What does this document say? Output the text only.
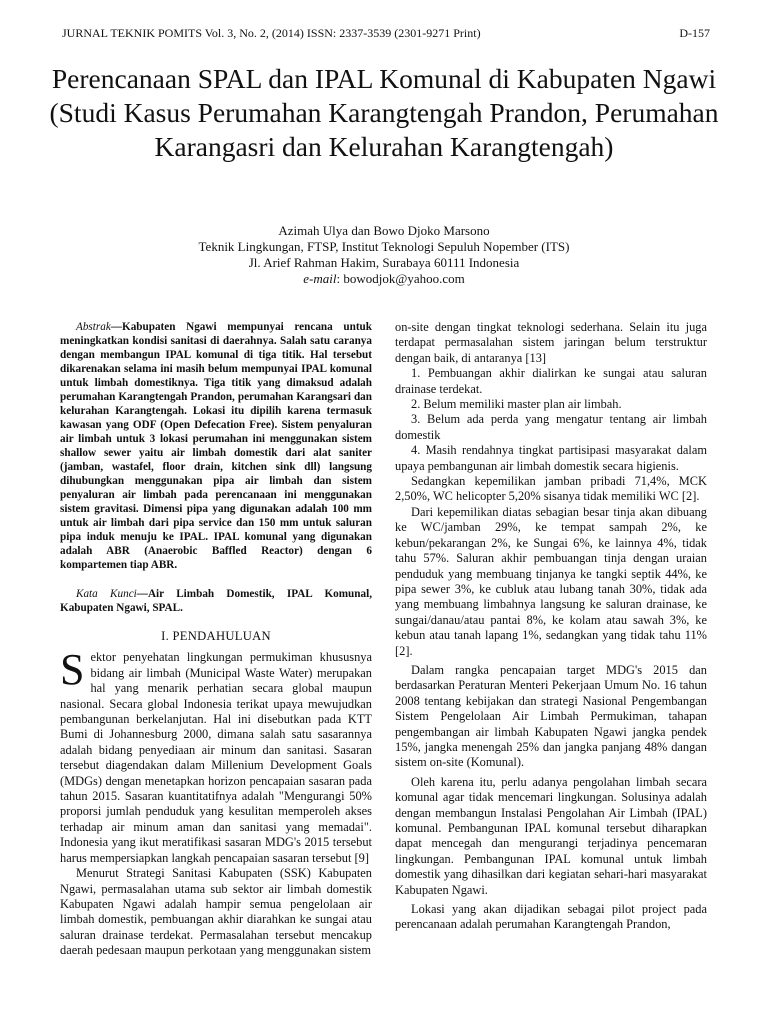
JURNAL TEKNIK POMITS Vol. 3, No. 2, (2014) ISSN: 2337-3539 (2301-9271 Print)	D-157
Perencanaan SPAL dan IPAL Komunal di Kabupaten Ngawi (Studi Kasus Perumahan Karangtengah Prandon, Perumahan Karangasri dan Kelurahan Karangtengah)
Azimah Ulya dan Bowo Djoko Marsono
Teknik Lingkungan, FTSP, Institut Teknologi Sepuluh Nopember (ITS)
Jl. Arief Rahman Hakim, Surabaya 60111 Indonesia
e-mail: bowodjok@yahoo.com

Abstrak—Kabupaten Ngawi mempunyai rencana untuk meningkatkan kondisi sanitasi di daerahnya. Salah satu caranya dengan membangun IPAL komunal di tiga titik. Hal tersebut dikarenakan selama ini masih belum mempunyai IPAL komunal untuk limbah domestiknya. Tiga titik yang dimaksud adalah perumahan Karangtengah Prandon, perumahan Karangsari dan kelurahan Karangtengah. Lokasi itu dipilih karena termasuk kawasan yang ODF (Open Defecation Free). Sistem penyaluran air limbah untuk 3 lokasi perumahan ini menggunakan sistem shallow sewer yaitu air limbah domestik dari alat saniter (jamban, wastafel, floor drain, kitchen sink dll) langsung dihubungkan menggunakan pipa air limbah dan sistem penyaluran air limbah pada perencanaan ini menggunakan sistem gravitasi. Dimensi pipa yang digunakan adalah 100 mm untuk air limbah dari pipa service dan 150 mm untuk saluran pipa induk menuju ke IPAL. IPAL komunal yang digunakan adalah ABR (Anaerobic Baffled Reactor) dengan 6 kompartemen tiap ABR.

Kata Kunci—Air Limbah Domestik, IPAL Komunal, Kabupaten Ngawi, SPAL.

I. PENDAHULUAN

Sektor penyehatan lingkungan permukiman khususnya bidang air limbah (Municipal Waste Water) merupakan hal yang menarik perhatian secara global maupun nasional. Secara global Indonesia terikat upaya mewujudkan pembangunan berkelanjutan. Hal ini disebutkan pada KTT Bumi di Johannesburg 2000, dimana salah satu sasarannya adalah bidang penyediaan air minum dan sanitasi. Sasaran tersebut diagendakan dalam Millenium Development Goals (MDGs) dengan menetapkan horizon pencapaian sasaran pada tahun 2015. Sasaran kuantitatifnya adalah "Mengurangi 50% proporsi jumlah penduduk yang kesulitan memperoleh akses terhadap air minum aman dan sanitasi yang memadai". Indonesia yang ikut meratifikasi sasaran MDG's 2015 tersebut harus mempersiapkan langkah pencapaian sasaran tersebut [9]

Menurut Strategi Sanitasi Kabupaten (SSK) Kabupaten Ngawi, permasalahan utama sub sektor air limbah domestik Kabupaten Ngawi adalah hampir semua pengelolaan air limbah domestik, pembuangan akhir diarahkan ke sungai atau saluran drainase terdekat. Permasalahan tersebut mencakup daerah pedesaan maupun perkotaan yang menggunakan sistem

on-site dengan tingkat teknologi sederhana. Selain itu juga terdapat permasalahan sistem jaringan belum terstruktur dengan baik, di antaranya [13]

1. Pembuangan akhir dialirkan ke sungai atau saluran drainase terdekat.

2. Belum memiliki master plan air limbah.

3. Belum ada perda yang mengatur tentang air limbah domestik

4. Masih rendahnya tingkat partisipasi masyarakat dalam upaya pembangunan air limbah domestik secara higienis.

Sedangkan kepemilikan jamban pribadi 71,4%, MCK 2,50%, WC helicopter 5,20% sisanya tidak memiliki WC [2].

Dari kepemilikan diatas sebagian besar tinja akan dibuang ke WC/jamban 29%, ke tempat sampah 2%, ke kebun/pekarangan 2%, ke Sungai 6%, ke lainnya 4%, tidak tahu 57%. Saluran akhir pembuangan tinja dengan uraian penduduk yang membuang tinjanya ke tangki septik 44%, ke pipa sewer 3%, ke cubluk atau lubang tanah 30%, tidak ada yang membuang limbahnya langsung ke saluran drainase, ke sungai/danau/atau pantai 8%, ke kolam atau sawah 3%, ke kebun atau tanah lapang 1%, sedangkan yang tidak tahu 11% [2].

Dalam rangka pencapaian target MDG's 2015 dan berdasarkan Peraturan Menteri Pekerjaan Umum No. 16 tahun 2008 tentang kebijakan dan strategi Nasional Pengembangan Sistem Pengelolaan Air Limbah Permukiman, tahapan pengembangan air limbah Kabupaten Ngawi jangka pendek 15%, jangka menengah 25% dan jangka panjang 48% dangan sistem on-site (Komunal).

Oleh karena itu, perlu adanya pengolahan limbah secara komunal agar tidak mencemari lingkungan. Solusinya adalah dengan membangun Instalasi Pengolahan Air Limbah (IPAL) komunal. Pembangunan IPAL komunal tersebut diharapkan dapat mencegah dan mengurangi terjadinya pencemaran lingkungan. Pembangunan IPAL komunal untuk limbah domestik yang dihasilkan dari kegiatan sehari-hari masyarakat Kabupaten Ngawi.

Lokasi yang akan dijadikan sebagai pilot project pada perencanaan adalah perumahan Karangtengah Prandon,
